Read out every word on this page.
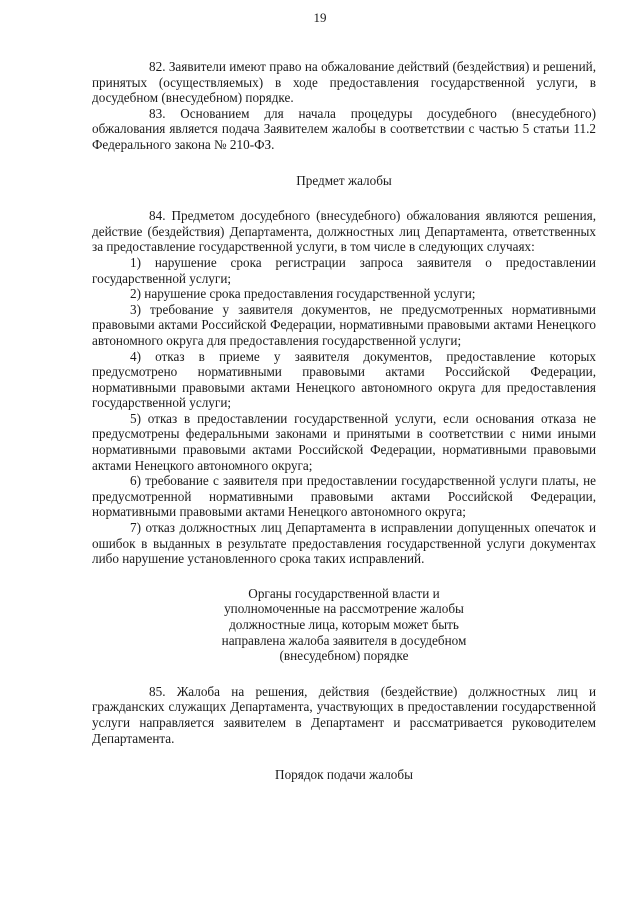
19

82. Заявители имеют право на обжалование действий (бездействия) и решений, принятых (осуществляемых) в ходе предоставления государственной услуги, в досудебном (внесудебном) порядке.

83. Основанием для начала процедуры досудебного (внесудебного) обжалования является подача Заявителем жалобы в соответствии с частью 5 статьи 11.2 Федерального закона № 210-ФЗ.

Предмет жалобы

84. Предметом досудебного (внесудебного) обжалования являются решения, действие (бездействия) Департамента, должностных лиц Департамента, ответственных за предоставление государственной услуги, в том числе в следующих случаях:

1) нарушение срока регистрации запроса заявителя о предоставлении государственной услуги;

2) нарушение срока предоставления государственной услуги;

3) требование у заявителя документов, не предусмотренных нормативными правовыми актами Российской Федерации, нормативными правовыми актами Ненецкого автономного округа для предоставления государственной услуги;

4) отказ в приеме у заявителя документов, предоставление которых предусмотрено нормативными правовыми актами Российской Федерации, нормативными правовыми актами Ненецкого автономного округа для предоставления государственной услуги;

5) отказ в предоставлении государственной услуги, если основания отказа не предусмотрены федеральными законами и принятыми в соответствии с ними иными нормативными правовыми актами Российской Федерации, нормативными правовыми актами Ненецкого автономного округа;

6) требование с заявителя при предоставлении государственной услуги платы, не предусмотренной нормативными правовыми актами Российской Федерации, нормативными правовыми актами Ненецкого автономного округа;

7) отказ должностных лиц Департамента в исправлении допущенных опечаток и ошибок в выданных в результате предоставления государственной услуги документах либо нарушение установленного срока таких исправлений.

Органы государственной власти и уполномоченные на рассмотрение жалобы должностные лица, которым может быть направлена жалоба заявителя в досудебном (внесудебном) порядке

85. Жалоба на решения, действия (бездействие) должностных лиц и гражданских служащих Департамента, участвующих в предоставлении государственной услуги направляется заявителем в Департамент и рассматривается руководителем Департамента.

Порядок подачи жалобы
